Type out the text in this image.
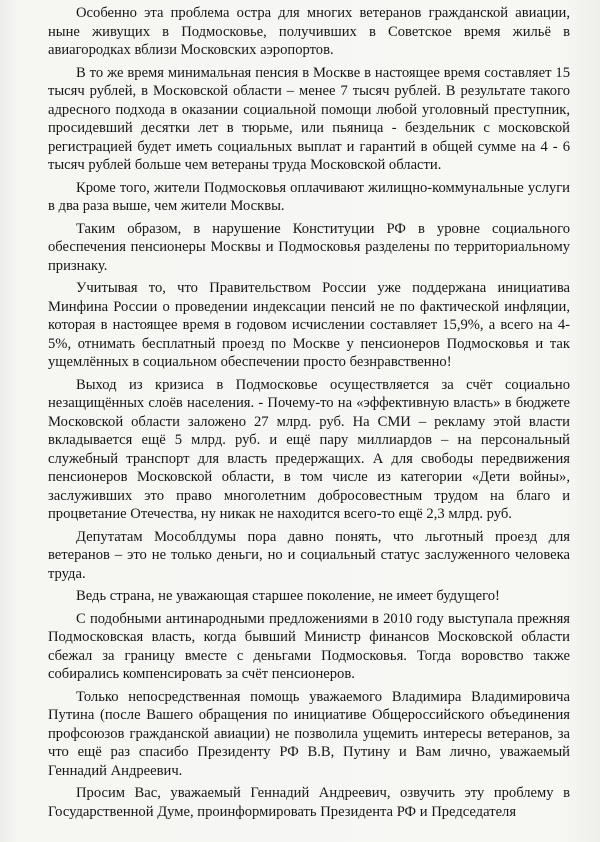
Особенно эта проблема остра для многих ветеранов гражданской авиации, ныне живущих в Подмосковье, получивших в Советское время жильё в авиагородках вблизи Московских аэропортов.

В то же время минимальная пенсия в Москве в настоящее время составляет 15 тысяч рублей, в Московской области – менее 7 тысяч рублей. В результате такого адресного подхода в оказании социальной помощи любой уголовный преступник, просидевший десятки лет в тюрьме, или пьяница - бездельник с московской регистрацией будет иметь социальных выплат и гарантий в общей сумме на 4 - 6 тысяч рублей больше чем ветераны труда Московской области.

Кроме того, жители Подмосковья оплачивают жилищно-коммунальные услуги в два раза выше, чем жители Москвы.

Таким образом, в нарушение Конституции РФ в уровне социального обеспечения пенсионеры Москвы и Подмосковья разделены по территориальному признаку.

Учитывая то, что Правительством России уже поддержана инициатива Минфина России о проведении индексации пенсий не по фактической инфляции, которая в настоящее время в годовом исчислении составляет 15,9%, а всего на 4-5%, отнимать бесплатный проезд по Москве у пенсионеров Подмосковья и так ущемлённых в социальном обеспечении просто безнравственно!

Выход из кризиса в Подмосковье осуществляется за счёт социально незащищённых слоёв населения. - Почему-то на «эффективную власть» в бюджете Московской области заложено 27 млрд. руб. На СМИ – рекламу этой власти вкладывается ещё 5 млрд. руб. и ещё пару миллиардов – на персональный служебный транспорт для власть предержащих. А для свободы передвижения пенсионеров Московской области, в том числе из категории «Дети войны», заслуживших это право многолетним добросовестным трудом на благо и процветание Отечества, ну никак не находится всего-то ещё 2,3 млрд. руб.

Депутатам Мособлдумы пора давно понять, что льготный проезд для ветеранов – это не только деньги, но и социальный статус заслуженного человека труда.

Ведь страна, не уважающая старшее поколение, не имеет будущего!

С подобными антинародными предложениями в 2010 году выступала прежняя Подмосковская власть, когда бывший Министр финансов Московской области сбежал за границу вместе с деньгами Подмосковья. Тогда воровство также собирались компенсировать за счёт пенсионеров.

Только непосредственная помощь уважаемого Владимира Владимировича Путина (после Вашего обращения по инициативе Общероссийского объединения профсоюзов гражданской авиации) не позволила ущемить интересы ветеранов, за что ещё раз спасибо Президенту РФ В.В, Путину и Вам лично, уважаемый Геннадий Андреевич.

Просим Вас, уважаемый Геннадий Андреевич, озвучить эту проблему в Государственной Думе, проинформировать Президента РФ и Председателя
